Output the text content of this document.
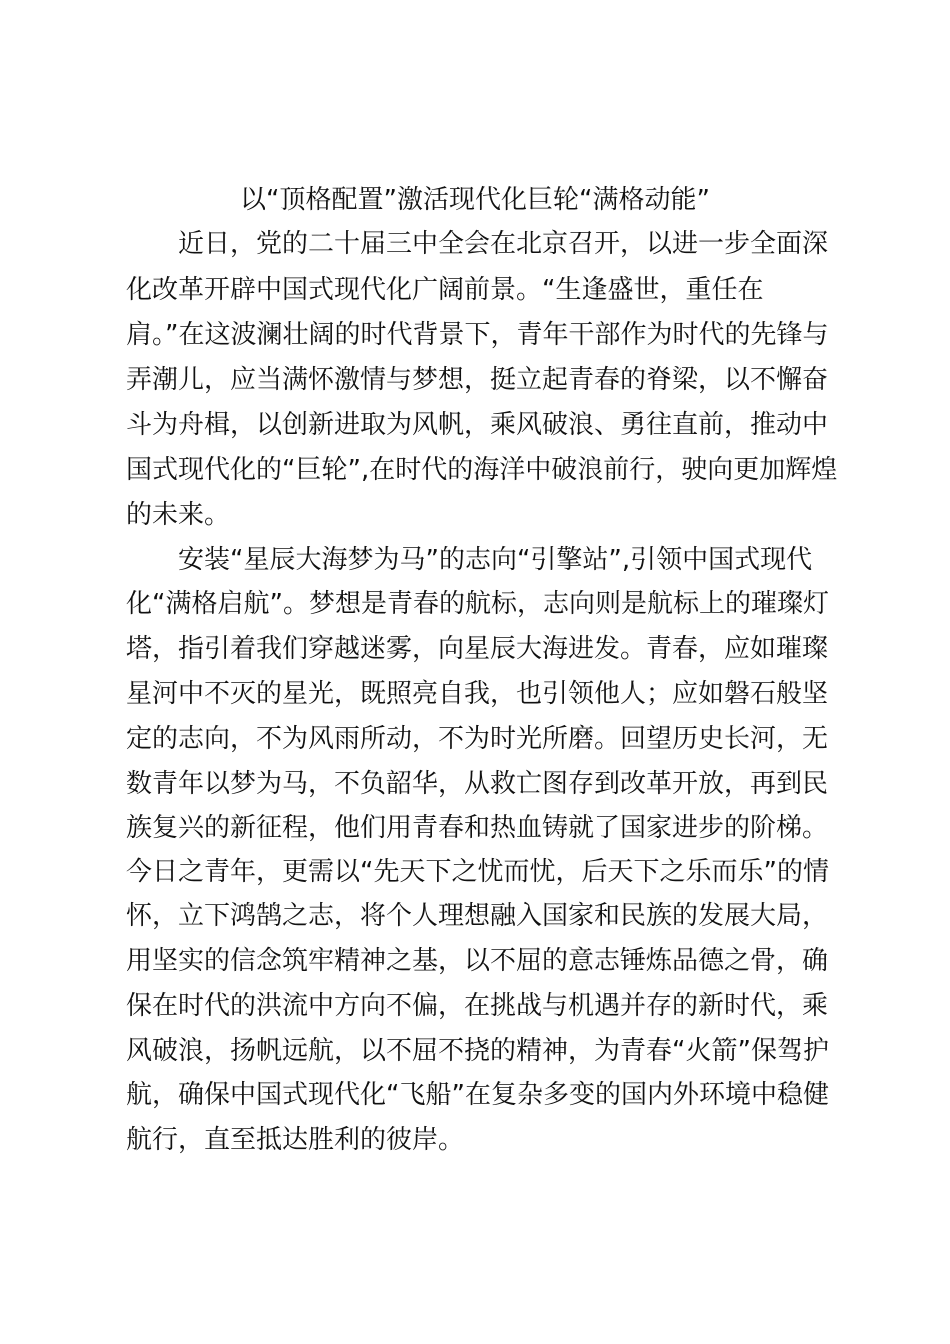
以“顶格配置”激活现代化巨轮“满格动能”

近日，党的二十届三中全会在北京召开，以进一步全面深

化改革开辟中国式现代化广阔前景。“生逢盛世，重任在

肩。”在这波澜壮阔的时代背景下，青年干部作为时代的先锋与

弄潮儿，应当满怀激情与梦想，挺立起青春的脊梁，以不懈奋

斗为舟楫，以创新进取为风帆，乘风破浪、勇往直前，推动中

国式现代化的“巨轮”,在时代的海洋中破浪前行，驶向更加辉煌

的未来。

安装“星辰大海梦为马”的志向“引擎站”,引领中国式现代

化“满格启航”。梦想是青春的航标，志向则是航标上的璀璨灯

塔，指引着我们穿越迷雾，向星辰大海进发。青春，应如璀璨

星河中不灭的星光，既照亮自我，也引领他人；应如磐石般坚

定的志向，不为风雨所动，不为时光所磨。回望历史长河，无

数青年以梦为马，不负韶华，从救亡图存到改革开放，再到民

族复兴的新征程，他们用青春和热血铸就了国家进步的阶梯。

今日之青年，更需以“先天下之忧而忧，后天下之乐而乐”的情

怀，立下鸿鹄之志，将个人理想融入国家和民族的发展大局，

用坚实的信念筑牢精神之基，以不屈的意志锤炼品德之骨，确

保在时代的洪流中方向不偏，在挑战与机遇并存的新时代，乘

风破浪，扬帆远航，以不屈不挠的精神，为青春“火箭”保驾护

航，确保中国式现代化“飞船”在复杂多变的国内外环境中稳健

航行，直至抵达胜利的彼岸。
